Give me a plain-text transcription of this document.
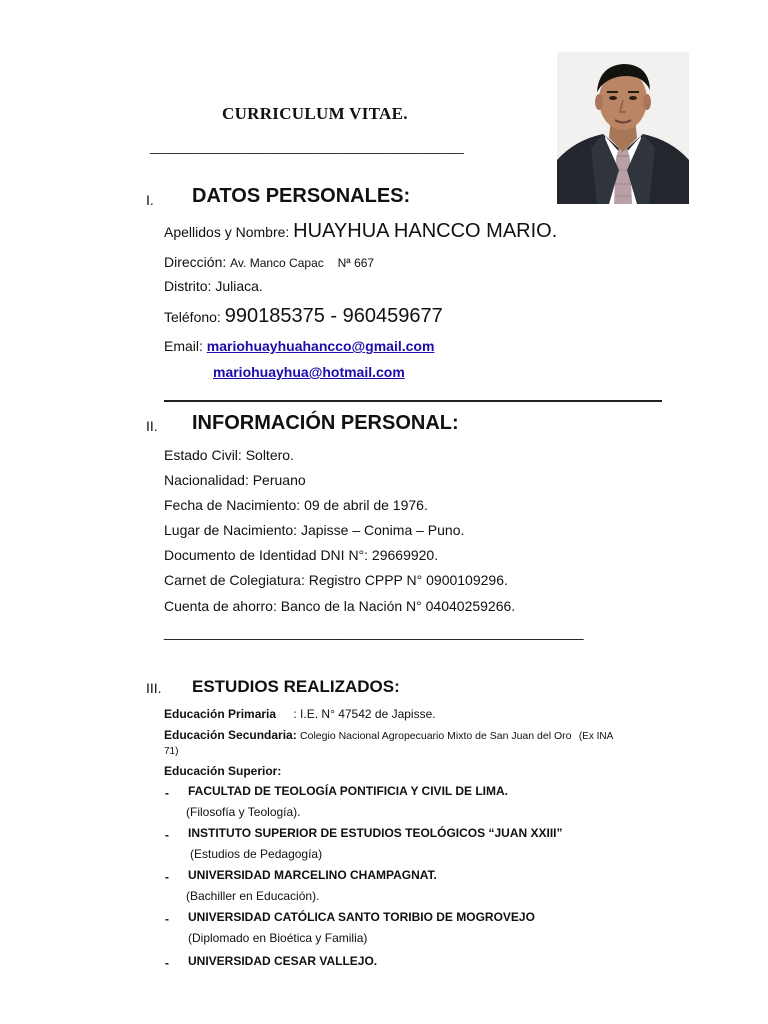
CURRICULUM VITAE.
___________________________________________
I. DATOS PERSONALES:
Apellidos y Nombre: HUAYHUA HANCCO MARIO.
Dirección: Av. Manco Capac Nª 667
Distrito: Juliaca.
Teléfono: 990185375 - 960459677
Email: mariohuayhuahancco@gmail.com
mariohuayhua@hotmail.com
II. INFORMACIÓN PERSONAL:
Estado Civil: Soltero.
Nacionalidad: Peruano
Fecha de Nacimiento: 09 de abril de 1976.
Lugar de Nacimiento: Japisse – Conima – Puno.
Documento de Identidad DNI N°: 29669920.
Carnet de Colegiatura: Registro CPPP N° 0900109296.
Cuenta de ahorro: Banco de la Nación N° 04040259266.
________________________________________________________
III. ESTUDIOS REALIZADOS:
Educación Primaria : I.E. N° 47542 de Japisse.
Educación Secundaria: Colegio Nacional Agropecuario Mixto de San Juan del Oro (Ex INA
71)
Educación Superior:
- FACULTAD DE TEOLOGÍA PONTIFICIA Y CIVIL DE LIMA.
(Filosofía y Teología).
- INSTITUTO SUPERIOR DE ESTUDIOS TEOLÓGICOS “JUAN XXIII”
(Estudios de Pedagogía)
- UNIVERSIDAD MARCELINO CHAMPAGNAT.
(Bachiller en Educación).
- UNIVERSIDAD CATÓLICA SANTO TORIBIO DE MOGROVEJO
(Diplomado en Bioética y Familia)
- UNIVERSIDAD CESAR VALLEJO.
